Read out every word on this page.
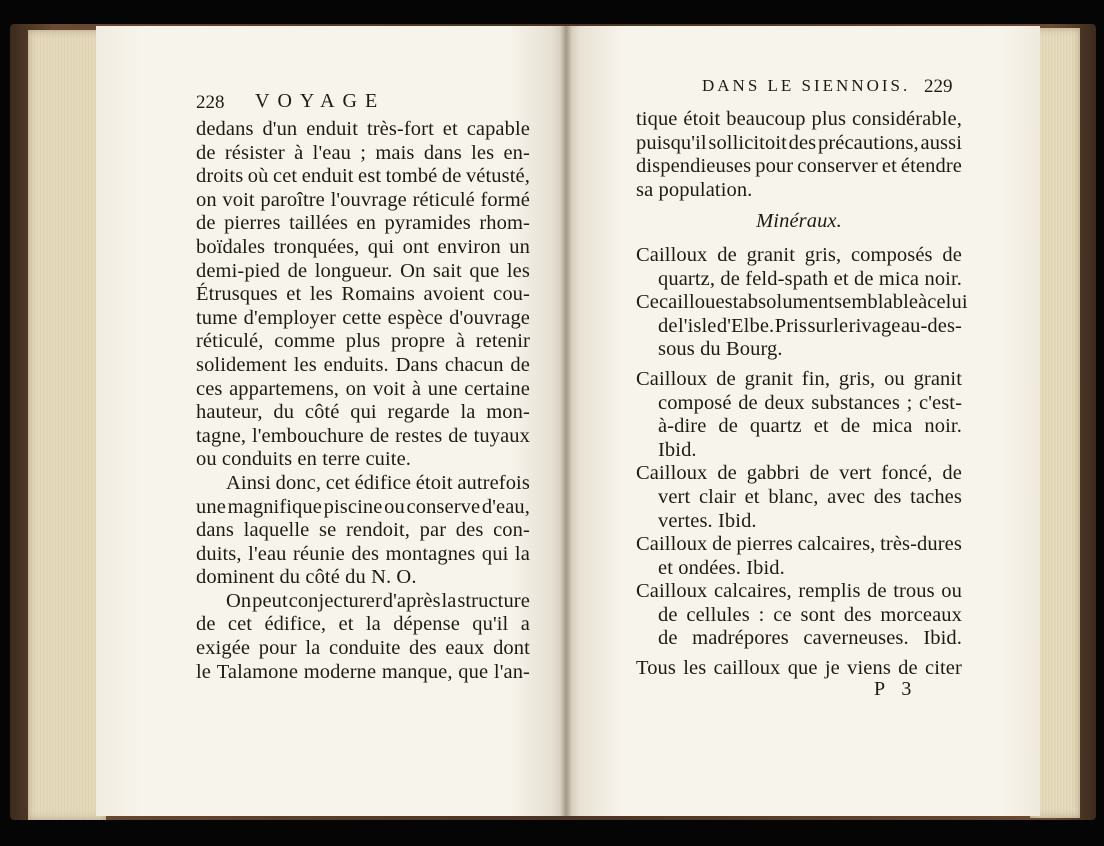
228 VOYAGE
DANS LE SIENNOIS. 229
dedans d'un enduit très-fort et capable
de résister à l'eau ; mais dans les en-
droits où cet enduit est tombé de vétusté,
on voit paroître l'ouvrage réticulé formé
de pierres taillées en pyramides rhom-
boïdales tronquées, qui ont environ un
demi-pied de longueur. On sait que les
Étrusques et les Romains avoient cou-
tume d'employer cette espèce d'ouvrage
réticulé, comme plus propre à retenir
solidement les enduits. Dans chacun de
ces appartemens, on voit à une certaine
hauteur, du côté qui regarde la mon-
tagne, l'embouchure de restes de tuyaux
ou conduits en terre cuite.
Ainsi donc, cet édifice étoit autrefois
une magnifique piscine ou conserve d'eau,
dans laquelle se rendoit, par des con-
duits, l'eau réunie des montagnes qui la
dominent du côté du N. O.
On peut conjecturer d'après la structure
de cet édifice, et la dépense qu'il a
exigée pour la conduite des eaux dont
le Talamone moderne manque, que l'an-
tique étoit beaucoup plus considérable,
puisqu'il sollicitoit des précautions, aussi
dispendieuses pour conserver et étendre
sa population.
Minéraux.
Cailloux de granit gris, composés de
quartz, de feld-spath et de mica noir.
Ce caillou est absolument semblable à celui
de l'isle d'Elbe. Pris sur le rivage au-des-
sous du Bourg.
Cailloux de granit fin, gris, ou granit
composé de deux substances ; c'est-
à-dire de quartz et de mica noir.
Ibid.
Cailloux de gabbri de vert foncé, de
vert clair et blanc, avec des taches
vertes. Ibid.
Cailloux de pierres calcaires, très-dures
et ondées. Ibid.
Cailloux calcaires, remplis de trous ou
de cellules : ce sont des morceaux
de madrépores caverneuses. Ibid.
Tous les cailloux que je viens de citer
P 3
